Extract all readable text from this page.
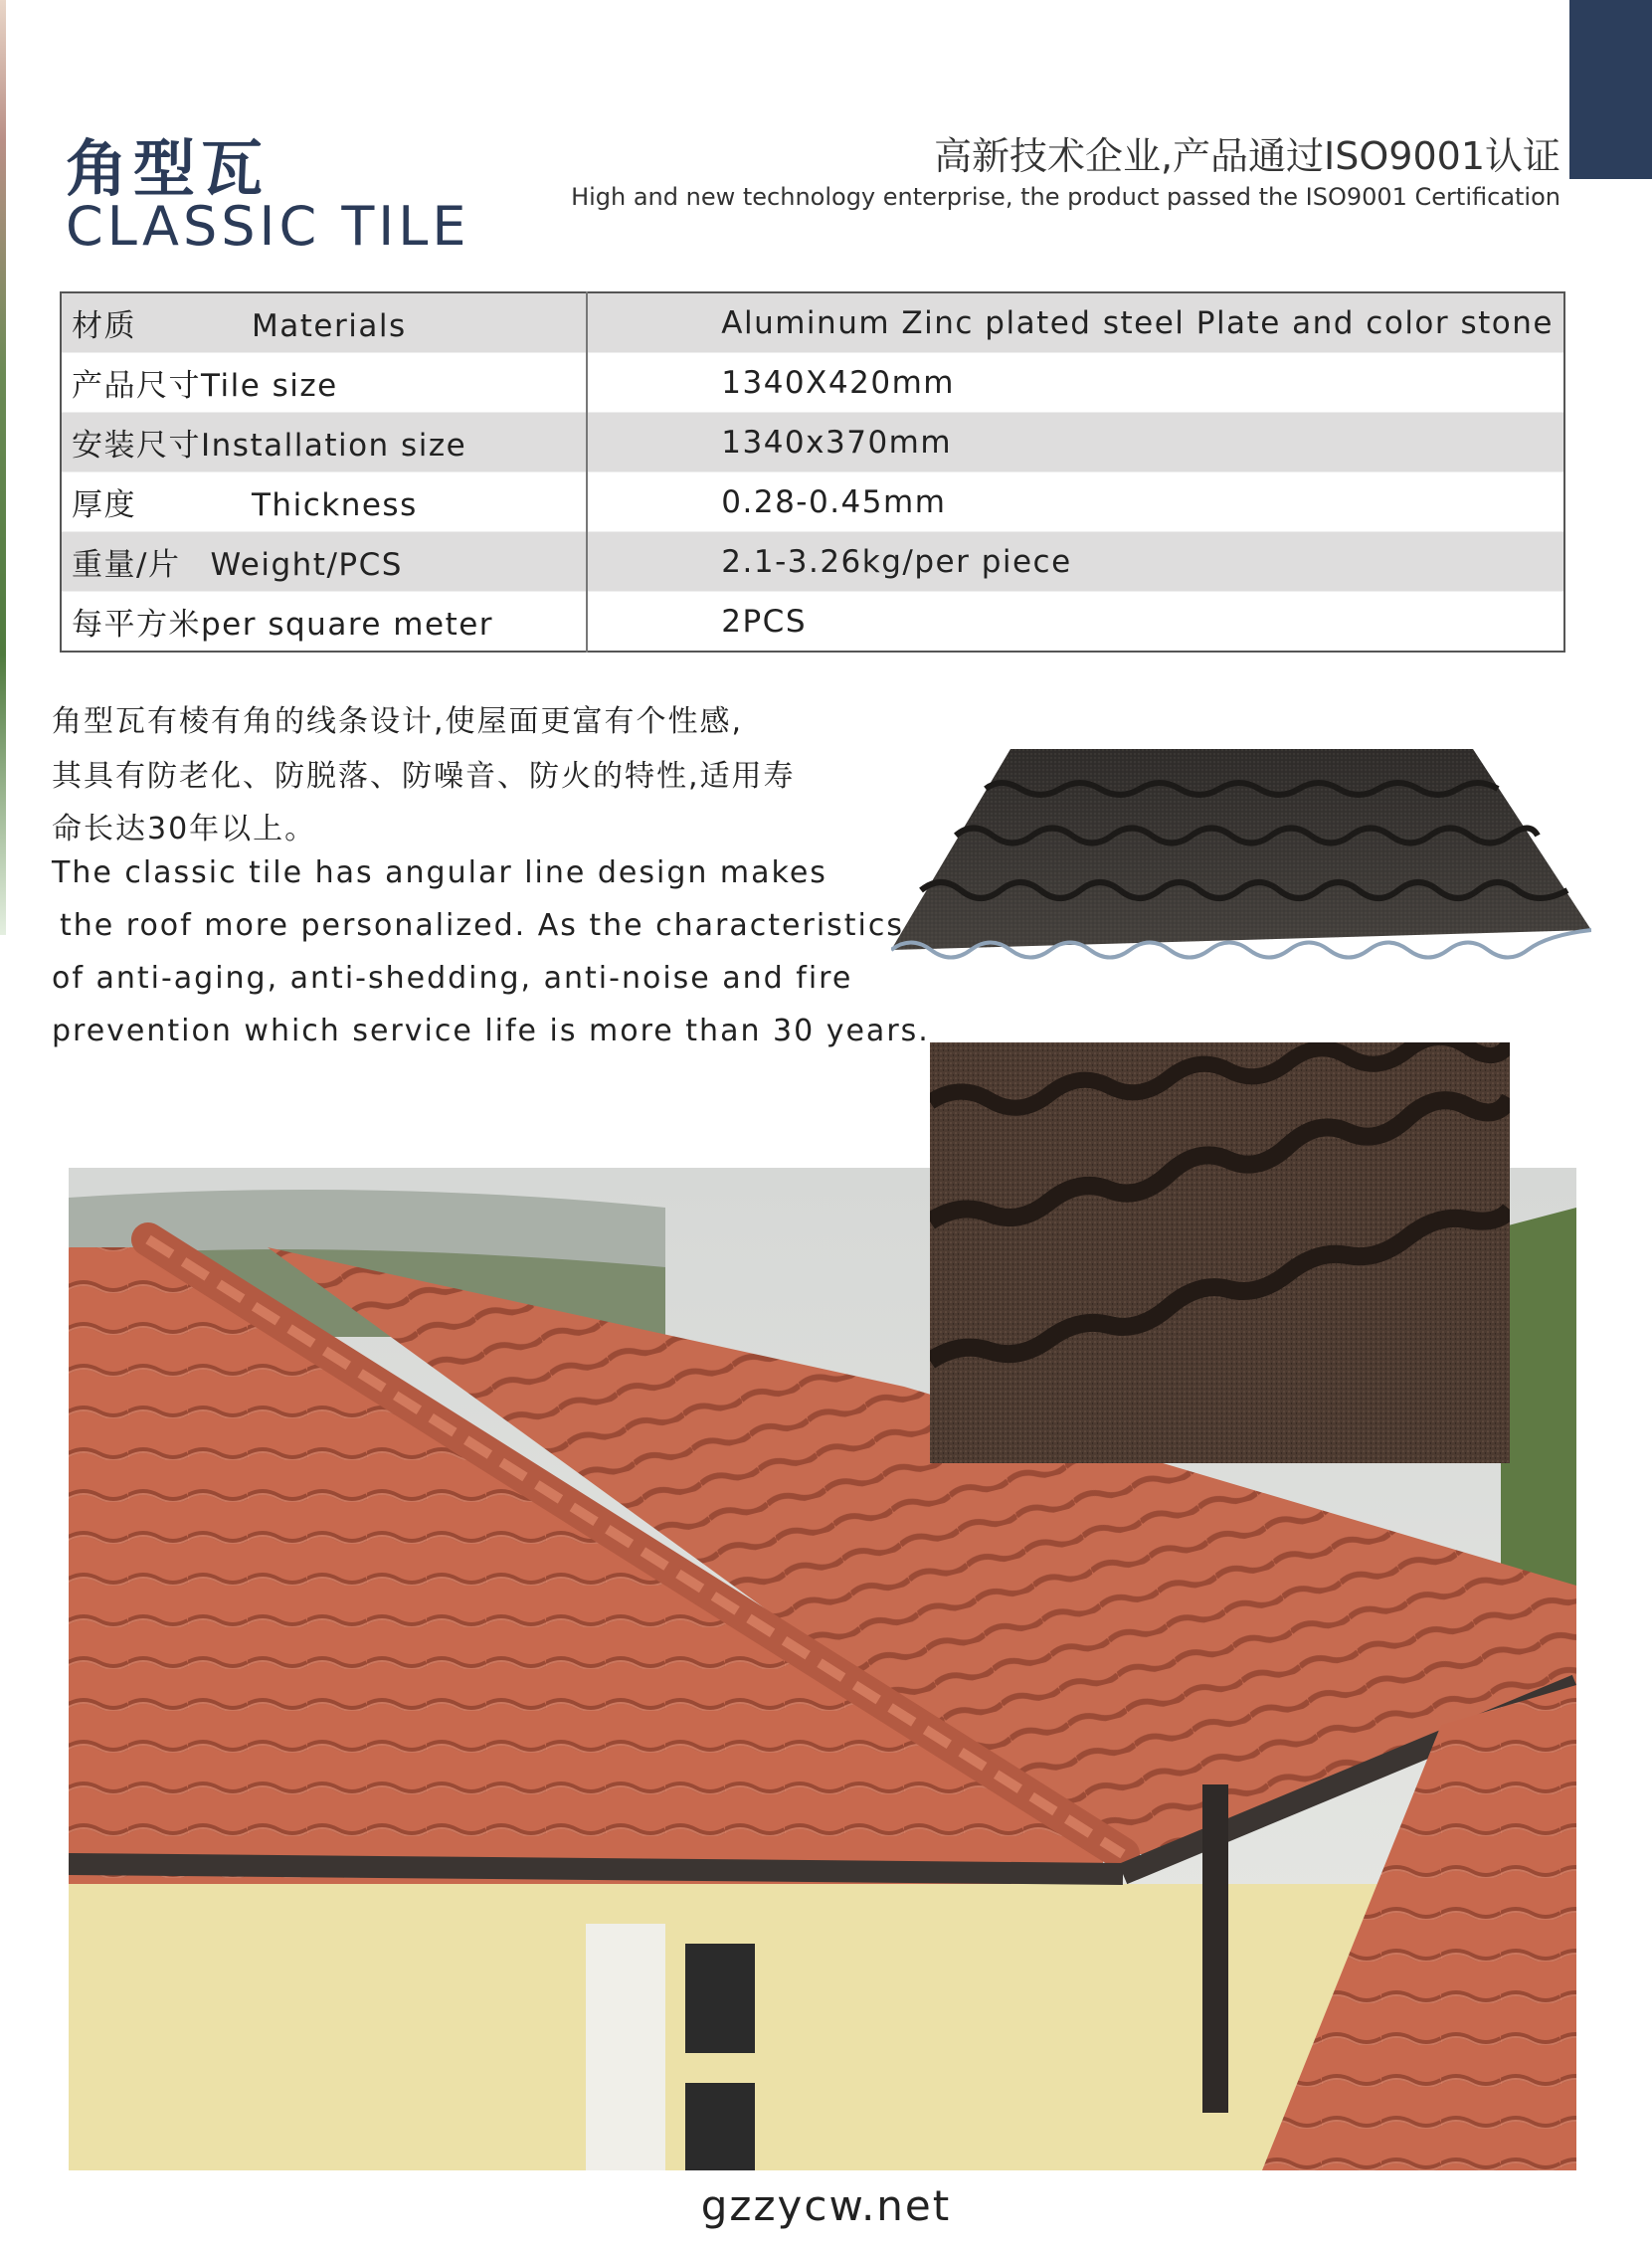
角型瓦
CLASSIC TILE
高新技术企业,产品通过ISO9001认证
High and new technology enterprise, the product passed the ISO9001 Certification
材质 Materials	Aluminum Zinc plated steel Plate and color stone
产品尺寸Tile size	1340X420mm
安装尺寸Installation size	1340x370mm
厚度 Thickness	0.28-0.45mm
重量/片 Weight/PCS	2.1-3.26kg/per piece
每平方米per square meter	2PCS
角型瓦有棱有角的线条设计,使屋面更富有个性感,
其具有防老化、防脱落、防噪音、防火的特性,适用寿
命长达30年以上。
The classic tile has angular line design makes
the roof more personalized. As the characteristics
of anti-aging, anti-shedding, anti-noise and fire
prevention which service life is more than 30 years.
gzzycw.net
